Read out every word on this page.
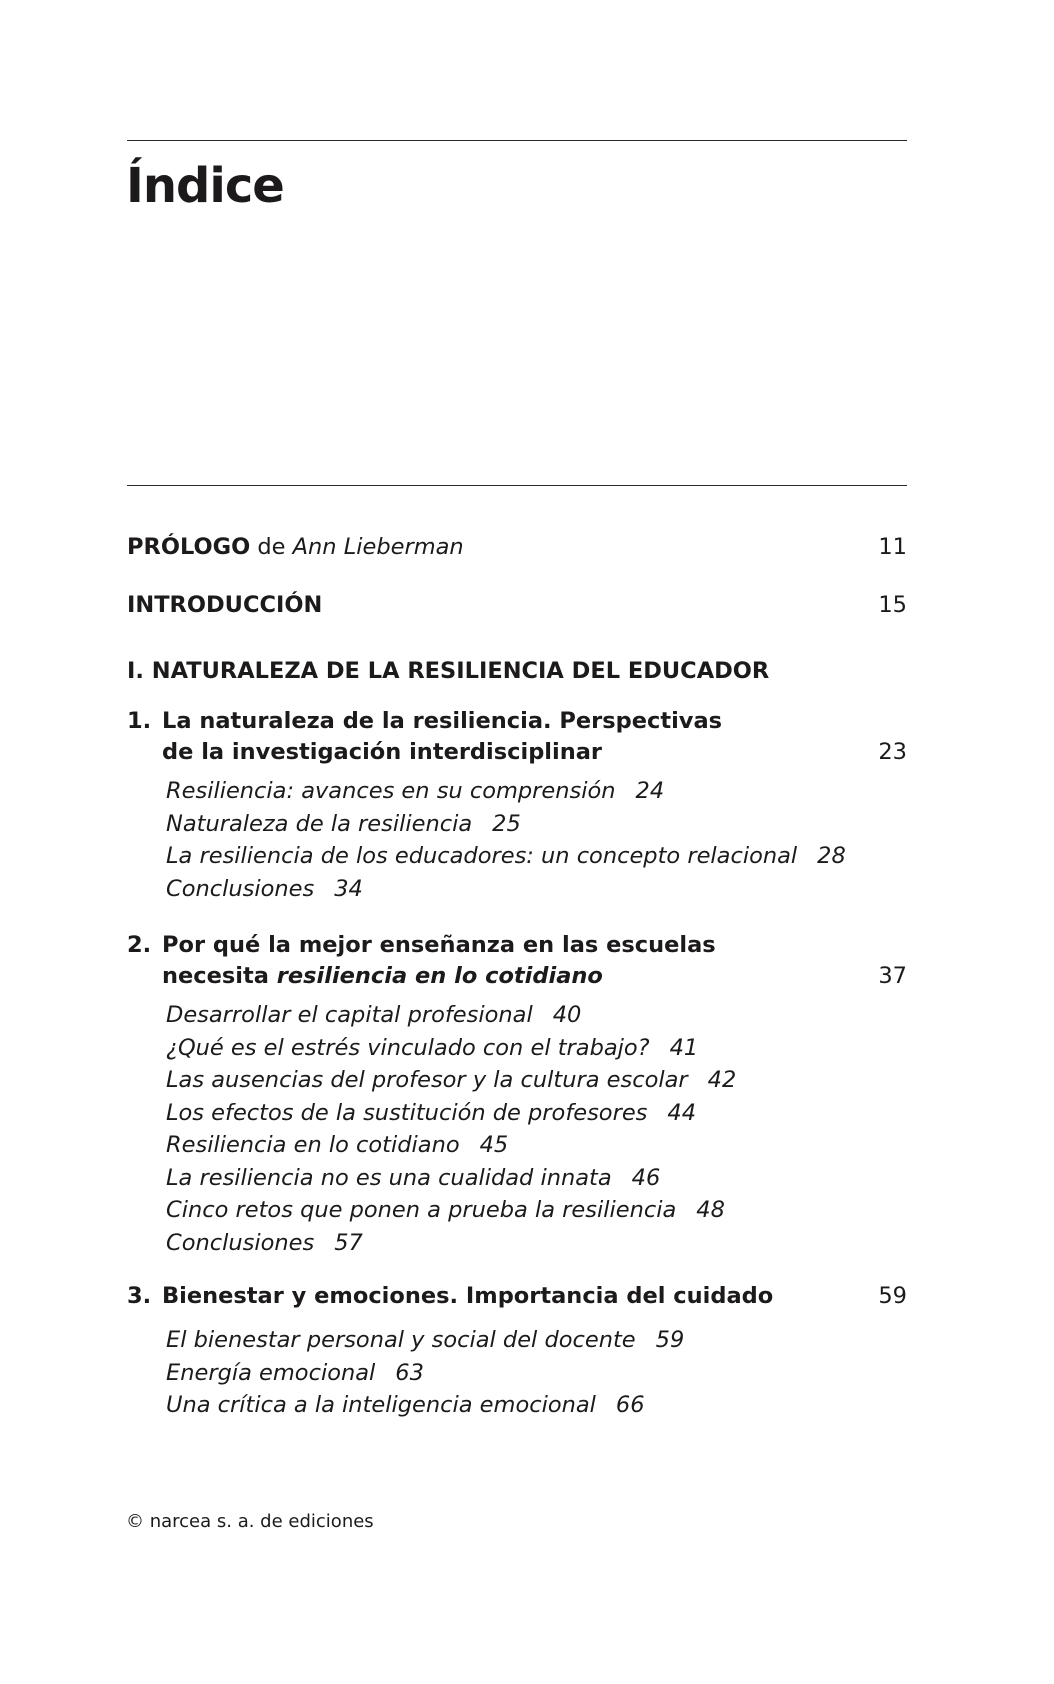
Índice
PRÓLOGO de Ann Lieberman	11
INTRODUCCIÓN	15
I. NATURALEZA DE LA RESILIENCIA DEL EDUCADOR
1. La naturaleza de la resiliencia. Perspectivas
de la investigación interdisciplinar	23
Resiliencia: avances en su comprensión 24
Naturaleza de la resiliencia 25
La resiliencia de los educadores: un concepto relacional 28
Conclusiones 34
2. Por qué la mejor enseñanza en las escuelas
necesita resiliencia en lo cotidiano	37
Desarrollar el capital profesional 40
¿Qué es el estrés vinculado con el trabajo? 41
Las ausencias del profesor y la cultura escolar 42
Los efectos de la sustitución de profesores 44
Resiliencia en lo cotidiano 45
La resiliencia no es una cualidad innata 46
Cinco retos que ponen a prueba la resiliencia 48
Conclusiones 57
3. Bienestar y emociones. Importancia del cuidado	59
El bienestar personal y social del docente 59
Energía emocional 63
Una crítica a la inteligencia emocional 66
© narcea s. a. de ediciones
